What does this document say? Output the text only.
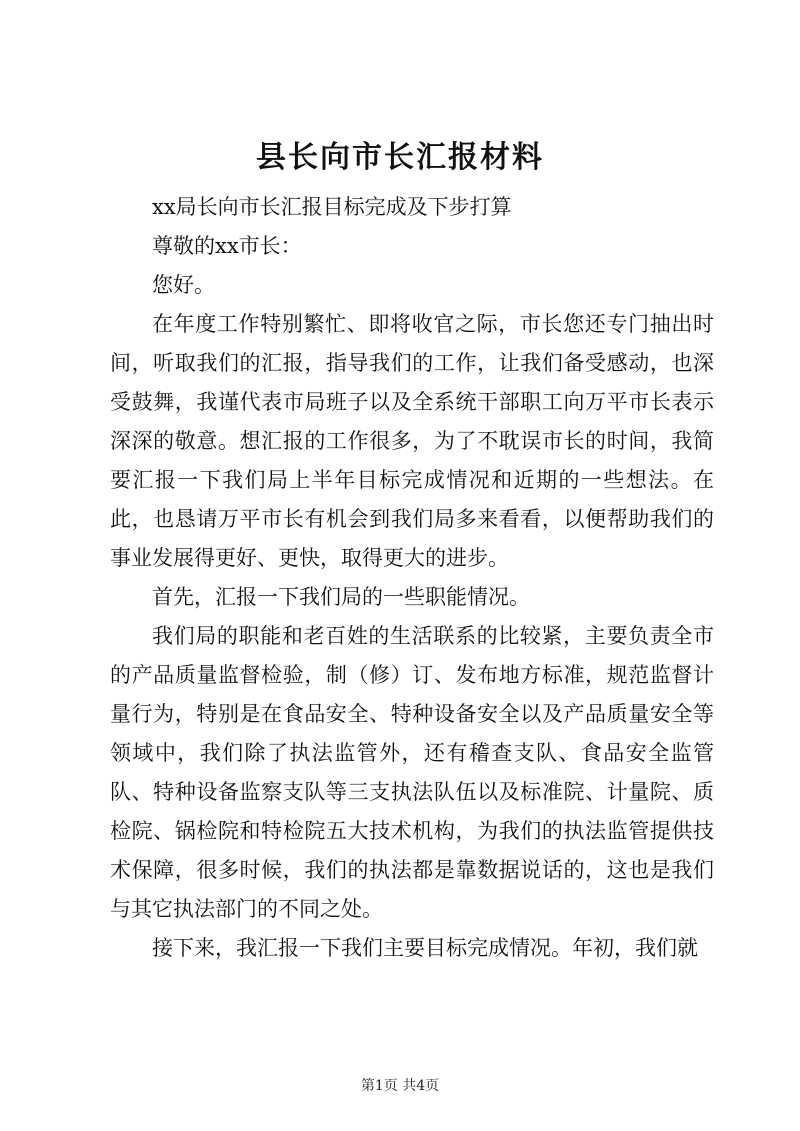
县长向市长汇报材料

xx局长向市长汇报目标完成及下步打算

尊敬的xx市长：

您好。

在年度工作特别繁忙、即将收官之际，市长您还专门抽出时间，听取我们的汇报，指导我们的工作，让我们备受感动，也深受鼓舞，我谨代表市局班子以及全系统干部职工向万平市长表示深深的敬意。想汇报的工作很多，为了不耽误市长的时间，我简要汇报一下我们局上半年目标完成情况和近期的一些想法。在此，也恳请万平市长有机会到我们局多来看看，以便帮助我们的事业发展得更好、更快，取得更大的进步。

首先，汇报一下我们局的一些职能情况。

我们局的职能和老百姓的生活联系的比较紧，主要负责全市的产品质量监督检验，制（修）订、发布地方标准，规范监督计量行为，特别是在食品安全、特种设备安全以及产品质量安全等领域中，我们除了执法监管外，还有稽查支队、食品安全监管队、特种设备监察支队等三支执法队伍以及标准院、计量院、质检院、锅检院和特检院五大技术机构，为我们的执法监管提供技术保障，很多时候，我们的执法都是靠数据说话的，这也是我们与其它执法部门的不同之处。

接下来，我汇报一下我们主要目标完成情况。年初，我们就

第1页 共4页
